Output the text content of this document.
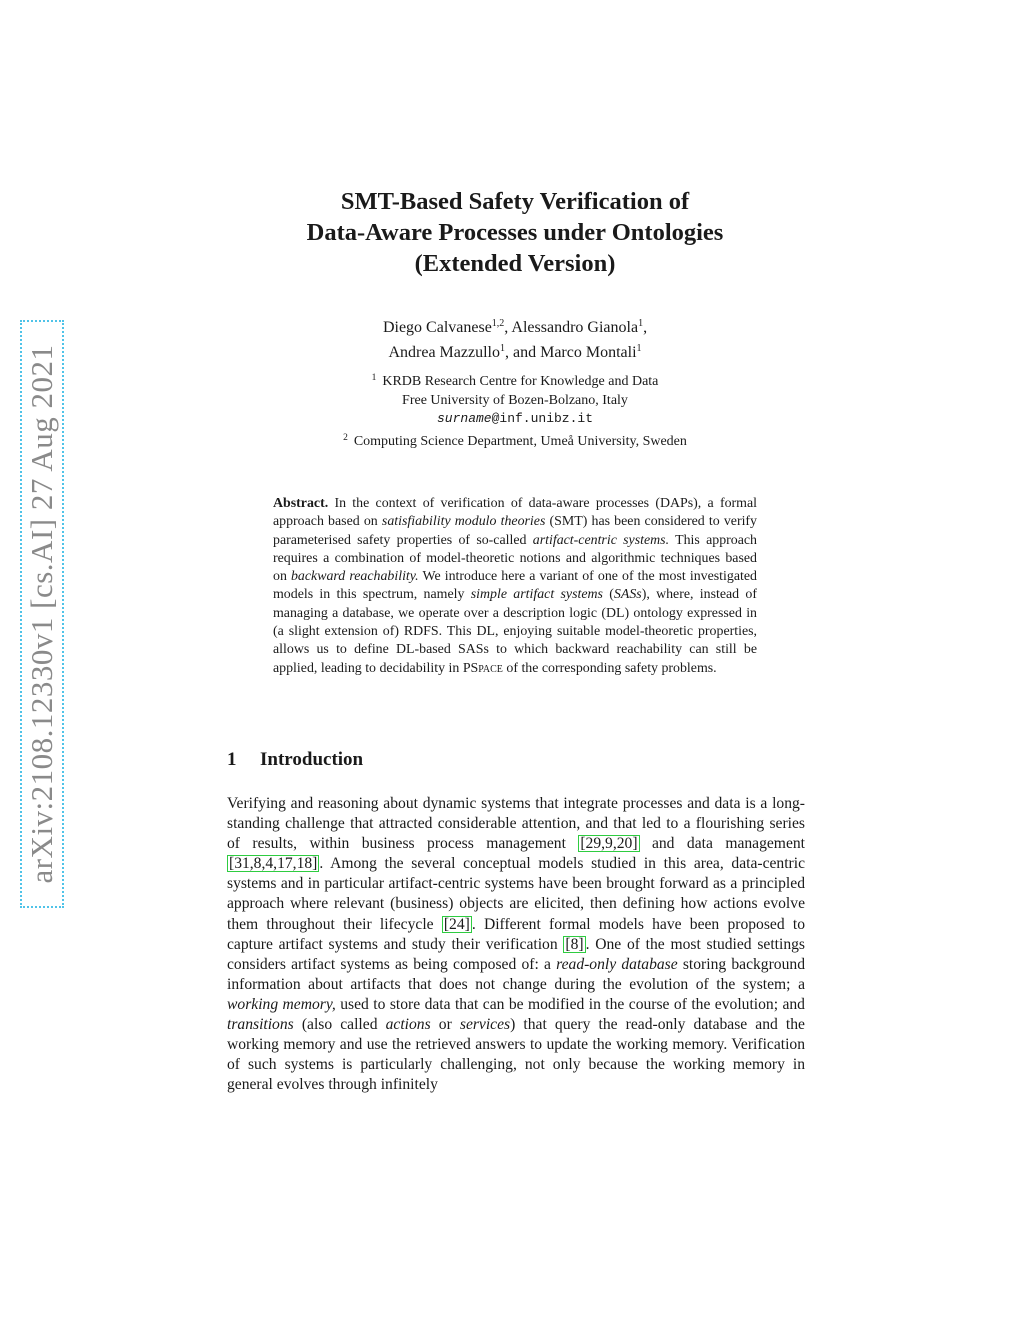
arXiv:2108.12330v1 [cs.AI] 27 Aug 2021
SMT-Based Safety Verification of
Data-Aware Processes under Ontologies
(Extended Version)
Diego Calvanese$^{1,2}$, Alessandro Gianola$^1$,
Andrea Mazzullo$^1$, and Marco Montali$^1$
$^1$ KRDB Research Centre for Knowledge and Data
Free University of Bozen-Bolzano, Italy
surname@inf.unibz.it
$^2$ Computing Science Department, Umeå University, Sweden
Abstract. In the context of verification of data-aware processes (DAPs), a formal approach based on satisfiability modulo theories (SMT) has been considered to verify parameterised safety properties of so-called artifact-centric systems. This approach requires a combination of model-theoretic notions and algorithmic techniques based on backward reachability. We introduce here a variant of one of the most investigated models in this spectrum, namely simple artifact systems (SASs), where, instead of managing a database, we operate over a description logic (DL) ontology expressed in (a slight extension of) RDFS. This DL, enjoying suitable model-theoretic properties, allows us to define DL-based SASs to which backward reachability can still be applied, leading to decidability in PSpace of the corresponding safety problems.
1 Introduction
Verifying and reasoning about dynamic systems that integrate processes and data is a long-standing challenge that attracted considerable attention, and that led to a flourishing series of results, within business process management [29,9,20] and data management [31,8,4,17,18] . Among the several conceptual models studied in this area, data-centric systems and in particular artifact-centric systems have been brought forward as a principled approach where relevant (business) objects are elicited, then defining how actions evolve them throughout their lifecycle [24] . Different formal models have been proposed to capture artifact systems and study their verification [8] . One of the most studied settings considers artifact systems as being composed of: a read-only database storing background information about artifacts that does not change during the evolution of the system; a working memory, used to store data that can be modified in the course of the evolution; and transitions (also called actions or services) that query the read-only database and the working memory and use the retrieved answers to update the working memory. Verification of such systems is particularly challenging, not only because the working memory in general evolves through infinitely
